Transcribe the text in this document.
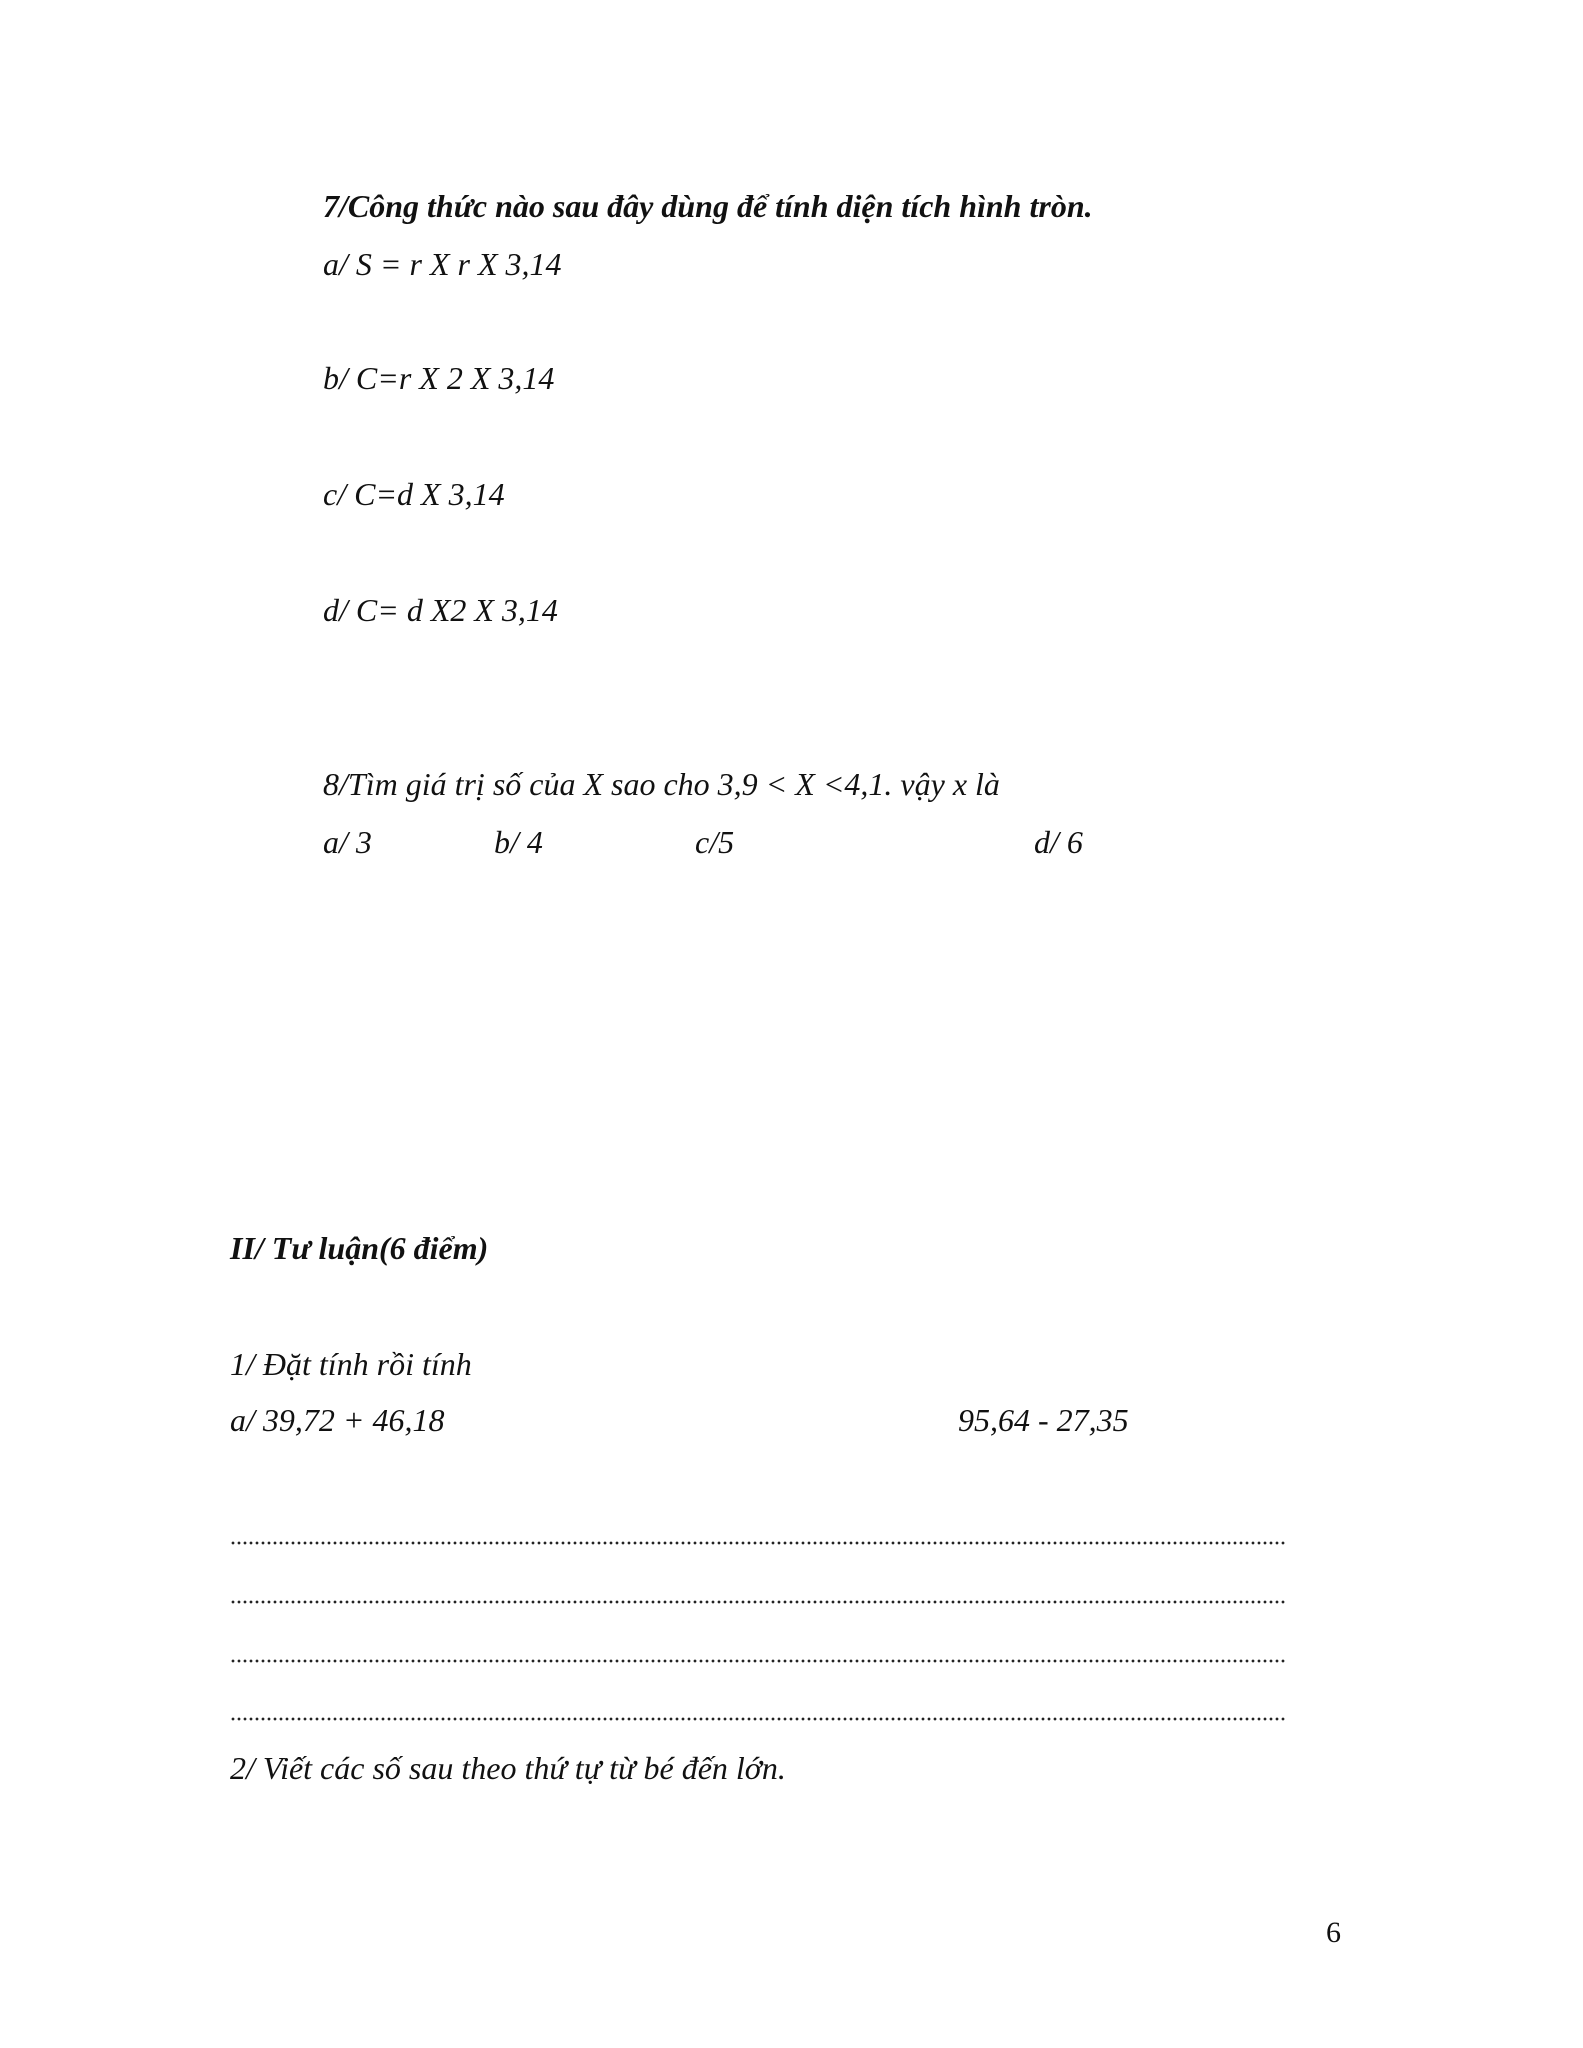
7/Công thức nào sau đây dùng để tính diện tích hình tròn.
a/ S = r X r X 3,14
b/ C=r X 2 X 3,14
c/ C=d X 3,14
d/ C= d X2 X 3,14
8/Tìm giá trị số của X sao cho 3,9 < X <4,1. vậy x là
a/ 3	b/ 4	c/5	d/ 6
II/ Tư luận(6 điểm)
1/ Đặt tính rồi tính
a/ 39,72 + 46,18	95,64 - 27,35
2/ Viết các số sau theo thứ tự từ bé đến lớn.
6
